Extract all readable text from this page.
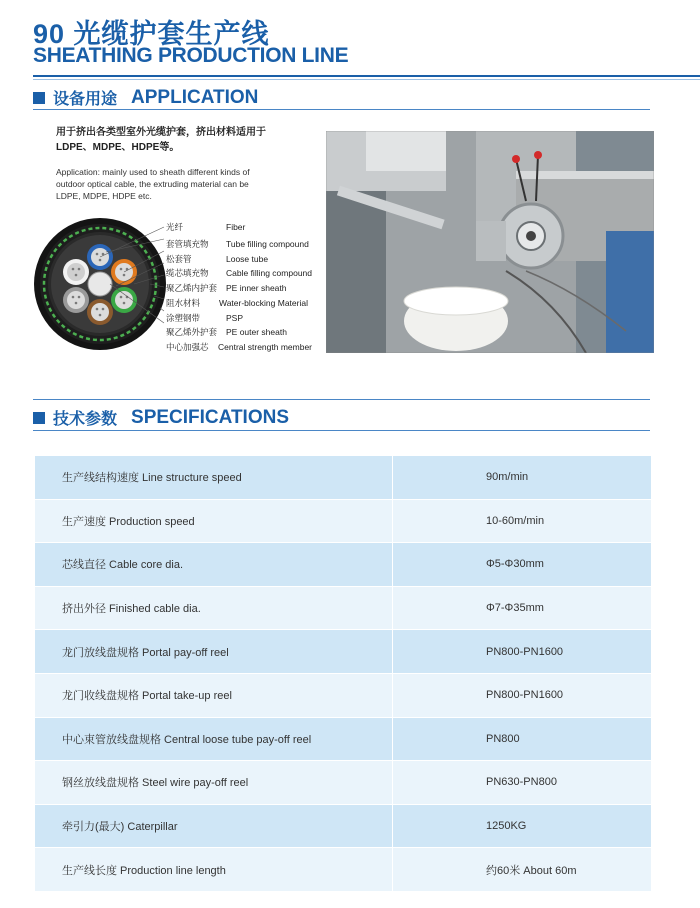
90 光缆护套生产线
SHEATHING PRODUCTION LINE
设备用途 APPLICATION
用于挤出各类型室外光缆护套，挤出材料适用于
LDPE、MDPE、HDPE等。
Application: mainly used to sheath different kinds of
outdoor optical cable, the extruding material can be
LDPE, MDPE, HDPE etc.
光纤	Fiber
套管填充物 Tube filling compound
松套管	Loose tube
缆芯填充物 Cable filling compound
聚乙烯内护套 PE inner sheath
阻水材料 Water-blocking Material
涂塑钢带	PSP
聚乙烯外护套 PE outer sheath
中心加强芯 Central strength member
技术参数 SPECIFICATIONS
生产线结构速度 Line structure speed	90m/min
生产速度 Production speed	10-60m/min
芯线直径 Cable core dia.	Φ5-Φ30mm
挤出外径 Finished cable dia.	Φ7-Φ35mm
龙门放线盘规格 Portal pay-off reel	PN800-PN1600
龙门收线盘规格 Portal take-up reel	PN800-PN1600
中心束管放线盘规格 Central loose tube pay-off reel	PN800
钢丝放线盘规格 Steel wire pay-off reel	PN630-PN800
牵引力(最大) Caterpillar	1250KG
生产线长度 Production line length	约60米 About 60m
